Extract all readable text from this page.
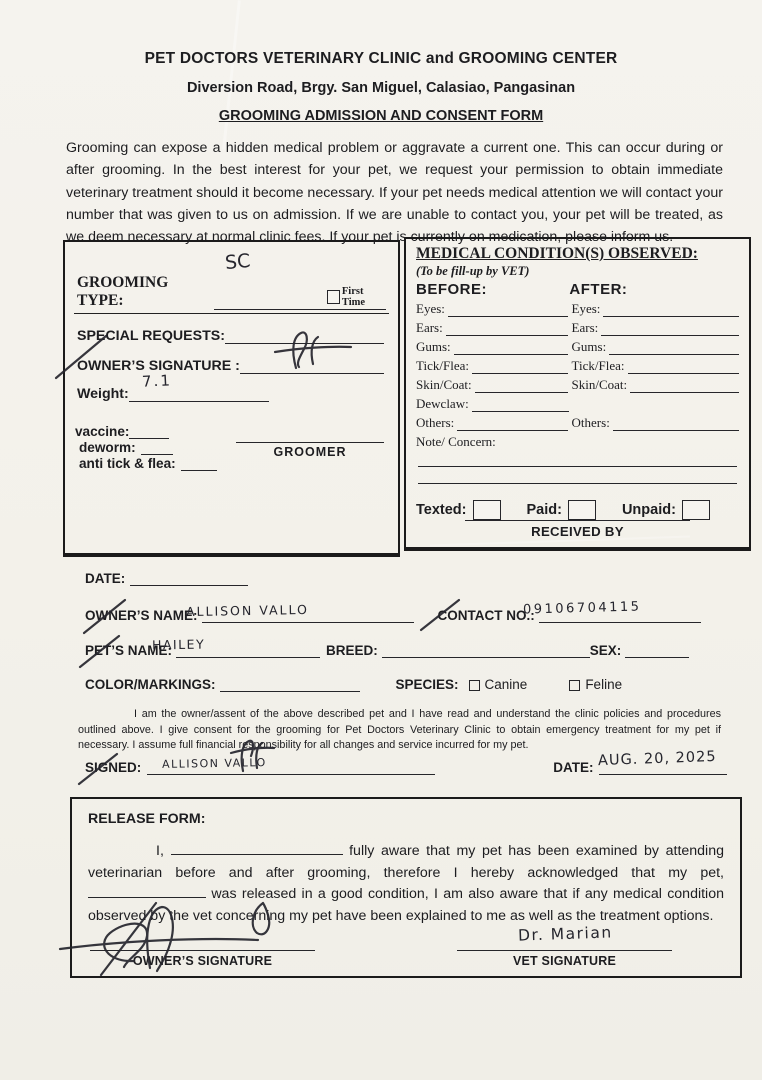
PET DOCTORS VETERINARY CLINIC and GROOMING CENTER
Diversion Road, Brgy. San Miguel, Calasiao, Pangasinan
GROOMING ADMISSION AND CONSENT FORM
Grooming can expose a hidden medical problem or aggravate a current one. This can occur during or after grooming. In the best interest for your pet, we request your permission to obtain immediate veterinary treatment should it become necessary. If your pet needs medical attention we will contact your number that was given to us on admission. If we are unable to contact you, your pet will be treated, as we deem necessary at normal clinic fees. If your pet is currently on medication, please inform us.
GROOMING TYPE:
First Time
SPECIAL REQUESTS:
OWNER’S SIGNATURE :
Weight:
vaccine:
deworm:
anti tick & flea:
GROOMER
MEDICAL CONDITION(S) OBSERVED:
(To be fill-up by VET)
BEFORE:	AFTER:
Eyes:	Eyes:
Ears:	Ears:
Gums:	Gums:
Tick/Flea:	Tick/Flea:
Skin/Coat:	Skin/Coat:
Dewclaw:
Others:	Others:
Note/ Concern:
Texted:	Paid:	Unpaid:
RECEIVED BY
DATE:
OWNER’S NAME:	CONTACT NO.:
PET’S NAME:	BREED:	SEX:
COLOR/MARKINGS:	SPECIES: Canine	Feline
I am the owner/assent of the above described pet and I have read and understand the clinic policies and procedures outlined above. I give consent for the grooming for Pet Doctors Veterinary Clinic to obtain emergency treatment for my pet if necessary. I assume full financial responsibility for all changes and service incurred for my pet.
SIGNED:	DATE:
RELEASE FORM:

I,	fully aware that my pet has been examined by attending veterinarian before and after grooming, therefore I hereby acknowledged that my pet,  was released in a good condition, I am also aware that if any medical condition observed by the vet concerning my pet have been explained to me as well as the treatment options.

OWNER’S SIGNATURE	VET SIGNATURE
SC
7.1
ALLISON VALLO	09106704115
HAILEY
ALLISON VALLO	AUG. 20, 2025
Dr. Marian
